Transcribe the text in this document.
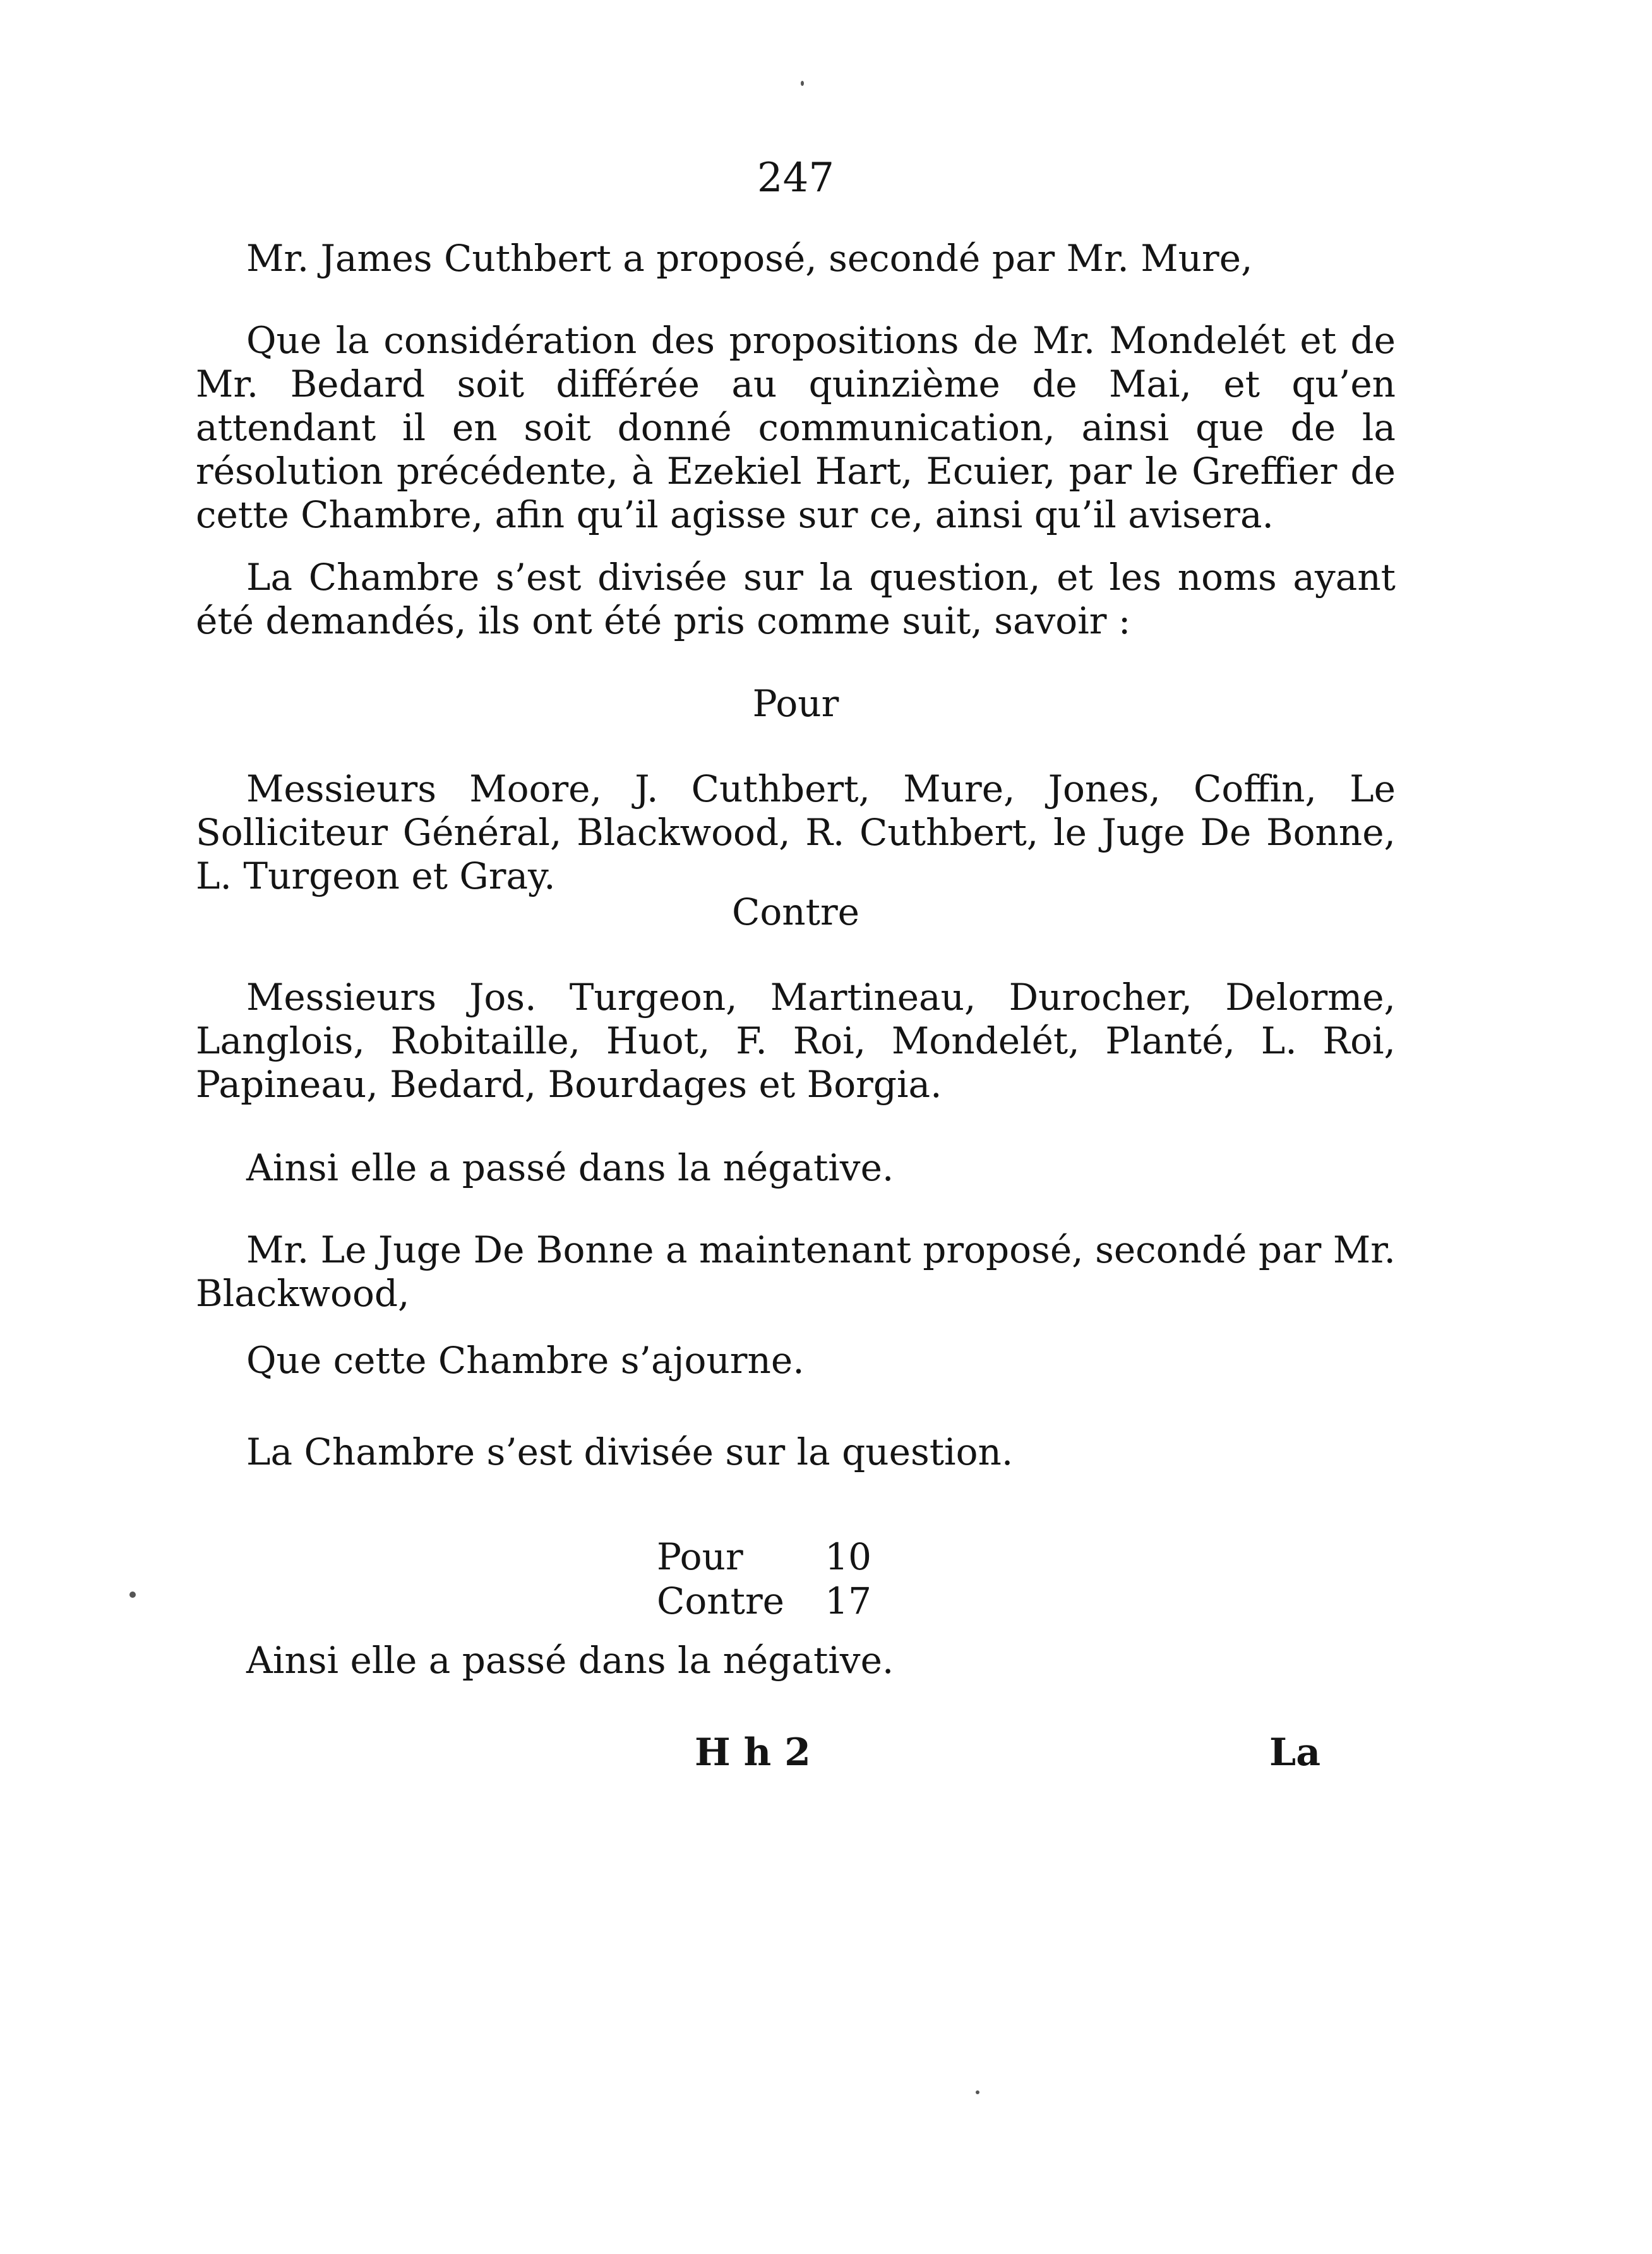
247

Mr. James Cuthbert a proposé, secondé par Mr. Mure,

Que la considération des propositions de Mr. Mondelét et de Mr. Bedard soit différée au quinzième de Mai, et qu’en attendant il en soit donné communication, ainsi que de la résolution précédente, à Ezekiel Hart, Ecuier, par le Greffier de cette Chambre, afin qu’il agisse sur ce, ainsi qu’il avisera.

La Chambre s’est divisée sur la question, et les noms ayant été demandés, ils ont été pris comme suit, savoir :

Pour

Messieurs Moore, J. Cuthbert, Mure, Jones, Coffin, Le Solliciteur Général, Blackwood, R. Cuthbert, le Juge De Bonne, L. Turgeon et Gray.

Contre

Messieurs Jos. Turgeon, Martineau, Durocher, Delorme, Langlois, Robitaille, Huot, F. Roi, Mondelét, Planté, L. Roi, Papineau, Bedard, Bourdages et Borgia.

Ainsi elle a passé dans la négative.

Mr. Le Juge De Bonne a maintenant proposé, secondé par Mr. Blackwood,

Que cette Chambre s’ajourne.

La Chambre s’est divisée sur la question.

Pour 10
Contre 17

Ainsi elle a passé dans la négative.

H h 2	La
